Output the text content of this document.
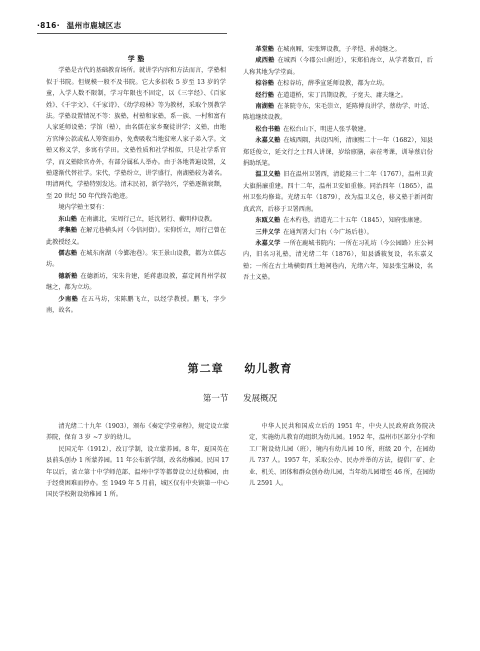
·816· 温州市鹿城区志

学 塾

学塾是古代的基础教育场所。就讲学内容和方法而言，学塾相似于书院。但规模一般不及书院。它大多招收 5 岁至 13 岁的学童，入学人数不限制，学习年限也不固定，以《三字经》、《百家姓》、《千字文》、《千家诗》、《幼学琼林》等为教材，采取个别教学法。学塾设置情况不等：族塾，村塾和家塾，系一族、一村和富有人家延师设塾；学馆（塾），由名儒在家乡聚徒讲学；义塾，由地方官绅公款或私人筹资而办，免费吸收当地贫寒人家子弟入学。文塾又称义学，多寓有学田。文塾性质和社学相似，只是社学系官学，而义塾除官办外，有部分属私人举办。由于各地普遍设置，义塾遂渐代替社学。宋代，学塾纷立，讲学盛行，南湖塾较为著名。明清两代，学塾特别发达。清末民初，新学勃兴，学塾逐渐衰颓，至 20 世纪 50 年代终告绝迹。

境内学塾主要有：

东山塾 在南湖北，宋周行己立，延沈躬行、戴明仲设教。

孝集塾 在解元巷横头河（今信河街）。宋仰忻立，周行己曾在此教授经义。

儒志塾 在城东南湖（今鄞池巷）。宋王景山设教，都为立儒志坊。

德新塾 在德新坊，宋朱肯建，延蒋惠设教，嘉定间肖州学叔继之，都为立坊。

少南塾 在五马坊，宋陈鹏飞立，以经学教授。鹏飞，字少南，故名。

革堂塾 在城南厢，宋张辉设教，子孝恺、孙纯继之。

咸西塾 在城西（今郡公山附近），宋郑伯海立，从学者数百，后人称其地为学堂面。

棕谷塾 在棕谷坊，薛季宣延师设教，都为立坊。

经行塾 在道道桥，宋丁昌期设教，子宽夫、庸夫继之。

南湖塾 在茶院寺东，宋毛崇立，延陈傅良讲学，蔡幼学、叶适、陈埴继续设教。

松台书塾 在松台山下，明进人张孚敬建。

永嘉义塾 在城西隅，共设四所，清康熙二十一年（1682），知县郑廷俊立，延文行之士四人讲课，岁给廪膳，亲莅考课，训导蔡启份捐助纸笔。

温卫义塾 旧在温州卫署西，清乾隆三十二年（1767），温州卫黄大旗捐廉重建。四十二年，温州卫安如重修。同治四年（1865），温州卫张均修葺。光绪五年（1879），改为温卫义仓，移义塾于新河街真武宫，后移于卫署西南。

东瓯义塾 在木杓巷，清道光二十五年（1845），知府张康建。

三井义学 在通判署大门右（今广场后巷）。

永嘉义学 一所在鹿城书院内；一所在习礼坊（今公园路）庄公祠内，旧名习礼塾，清光绪二年（1876），知县潘筱复设，名东嘉义塾；一所在古土坳横街西土地祠巷内，光绪六年，知县张宝琳设，名吾土义塾。

第二章 幼儿教育
第一节 发展概况

清光绪二十九年（1903），颁布《奏定学堂章程》，规定设立蒙养院，保育 3 岁 ~7 岁的幼儿。

民国元年（1912），改订学制，设立蒙养园。8 年，夏国英在县前头创办 1 所蒙养园。11 年公布新学制，改名幼稚园。民国 17 年以后，省立第十中学师范部、温州中学等都曾设立过幼稚园，由于经费困难而停办。至 1949 年 5 月前，城区仅有中央镇第一中心国民学校附设幼稚园 1 所。

中华人民共和国成立后的 1951 年，中央人民政府政务院决定，实施幼儿教育的组织为幼儿园。1952 年，温州市区部分小学和工厂附设幼儿园（班），境内有幼儿园 10 所，班级 20 个，在园幼儿 737 人。1957 年，采取公办、民办并举的方法，提倡厂矿、企业、机关、团体和群众创办幼儿园，当年幼儿园增至 46 所，在园幼儿 2591 人。
